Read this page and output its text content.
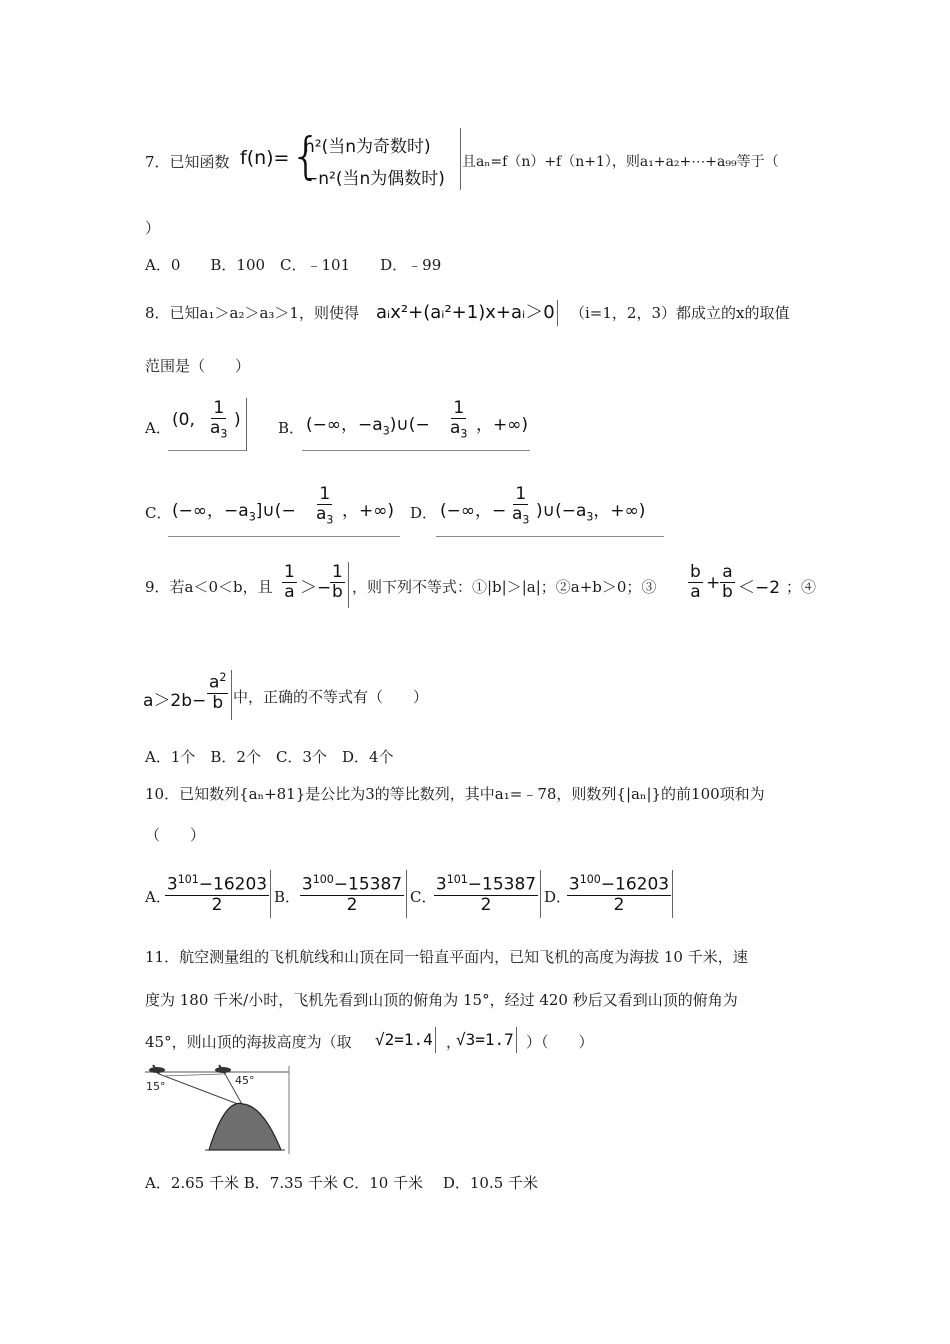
7．已知函数 f(n)= {
n²(当n为奇数时)
−n²(当n为偶数时)
且aₙ=f（n）+f（n+1），则a₁+a₂+⋯+a₉₉等于（
）
A．0　　B．100　C．﹣101　　D．﹣99
8．已知a₁＞a₂＞a₃＞1，则使得 aᵢx²+(aᵢ²+1)x+aᵢ＞0 （i=1，2，3）都成立的x的取值
范围是（　　）
A． (0, $\frac{1}{a_3}$ ) B． (−∞，$-a_3)\cup(- \frac{1}{a_3}$ ，+∞)
C． (−∞，$-a_3]\cup(- \frac{1}{a_3}$ ，+∞) D． (−∞，− $\frac{1}{a_3}$ )$\cup(-a_3$，+∞)
9．若a＜0＜b，且 $\frac{1}{a}$ ＞−
$\frac{1}{b}$ ，则下列不等式：①|b|＞|a|；②a+b＞0；③ $\frac{b}{a} + \frac{a}{b} <-2$ ；④
$a>2b- \frac{a^2}{b}$ 中，正确的不等式有（　　）
A．1个　B．2个　C．3个　D．4个
10．已知数列{aₙ+81}是公比为3的等比数列，其中a₁=﹣78，则数列{|aₙ|}的前100项和为
（　　）
A．
$\frac{3^{101}-16203}{2}$ B． $\frac{3^{100}-15387}{2}$ C．
$\frac{3^{101}-15387}{2}$ D．
$\frac{3^{100}-16203}{2}$
11．航空测量组的飞机航线和山顶在同一铅直平面内，已知飞机的高度为海拔 10 千米，速
度为 180 千米/小时，飞机先看到山顶的俯角为 15°，经过 420 秒后又看到山顶的俯角为
45°，则山顶的海拔高度为（取 √2=1.4 ，
√3=1.7 ）（　　）
15°	45°
A．2.65 千米 B．7.35 千米 C．10 千米　 D．10.5 千米
